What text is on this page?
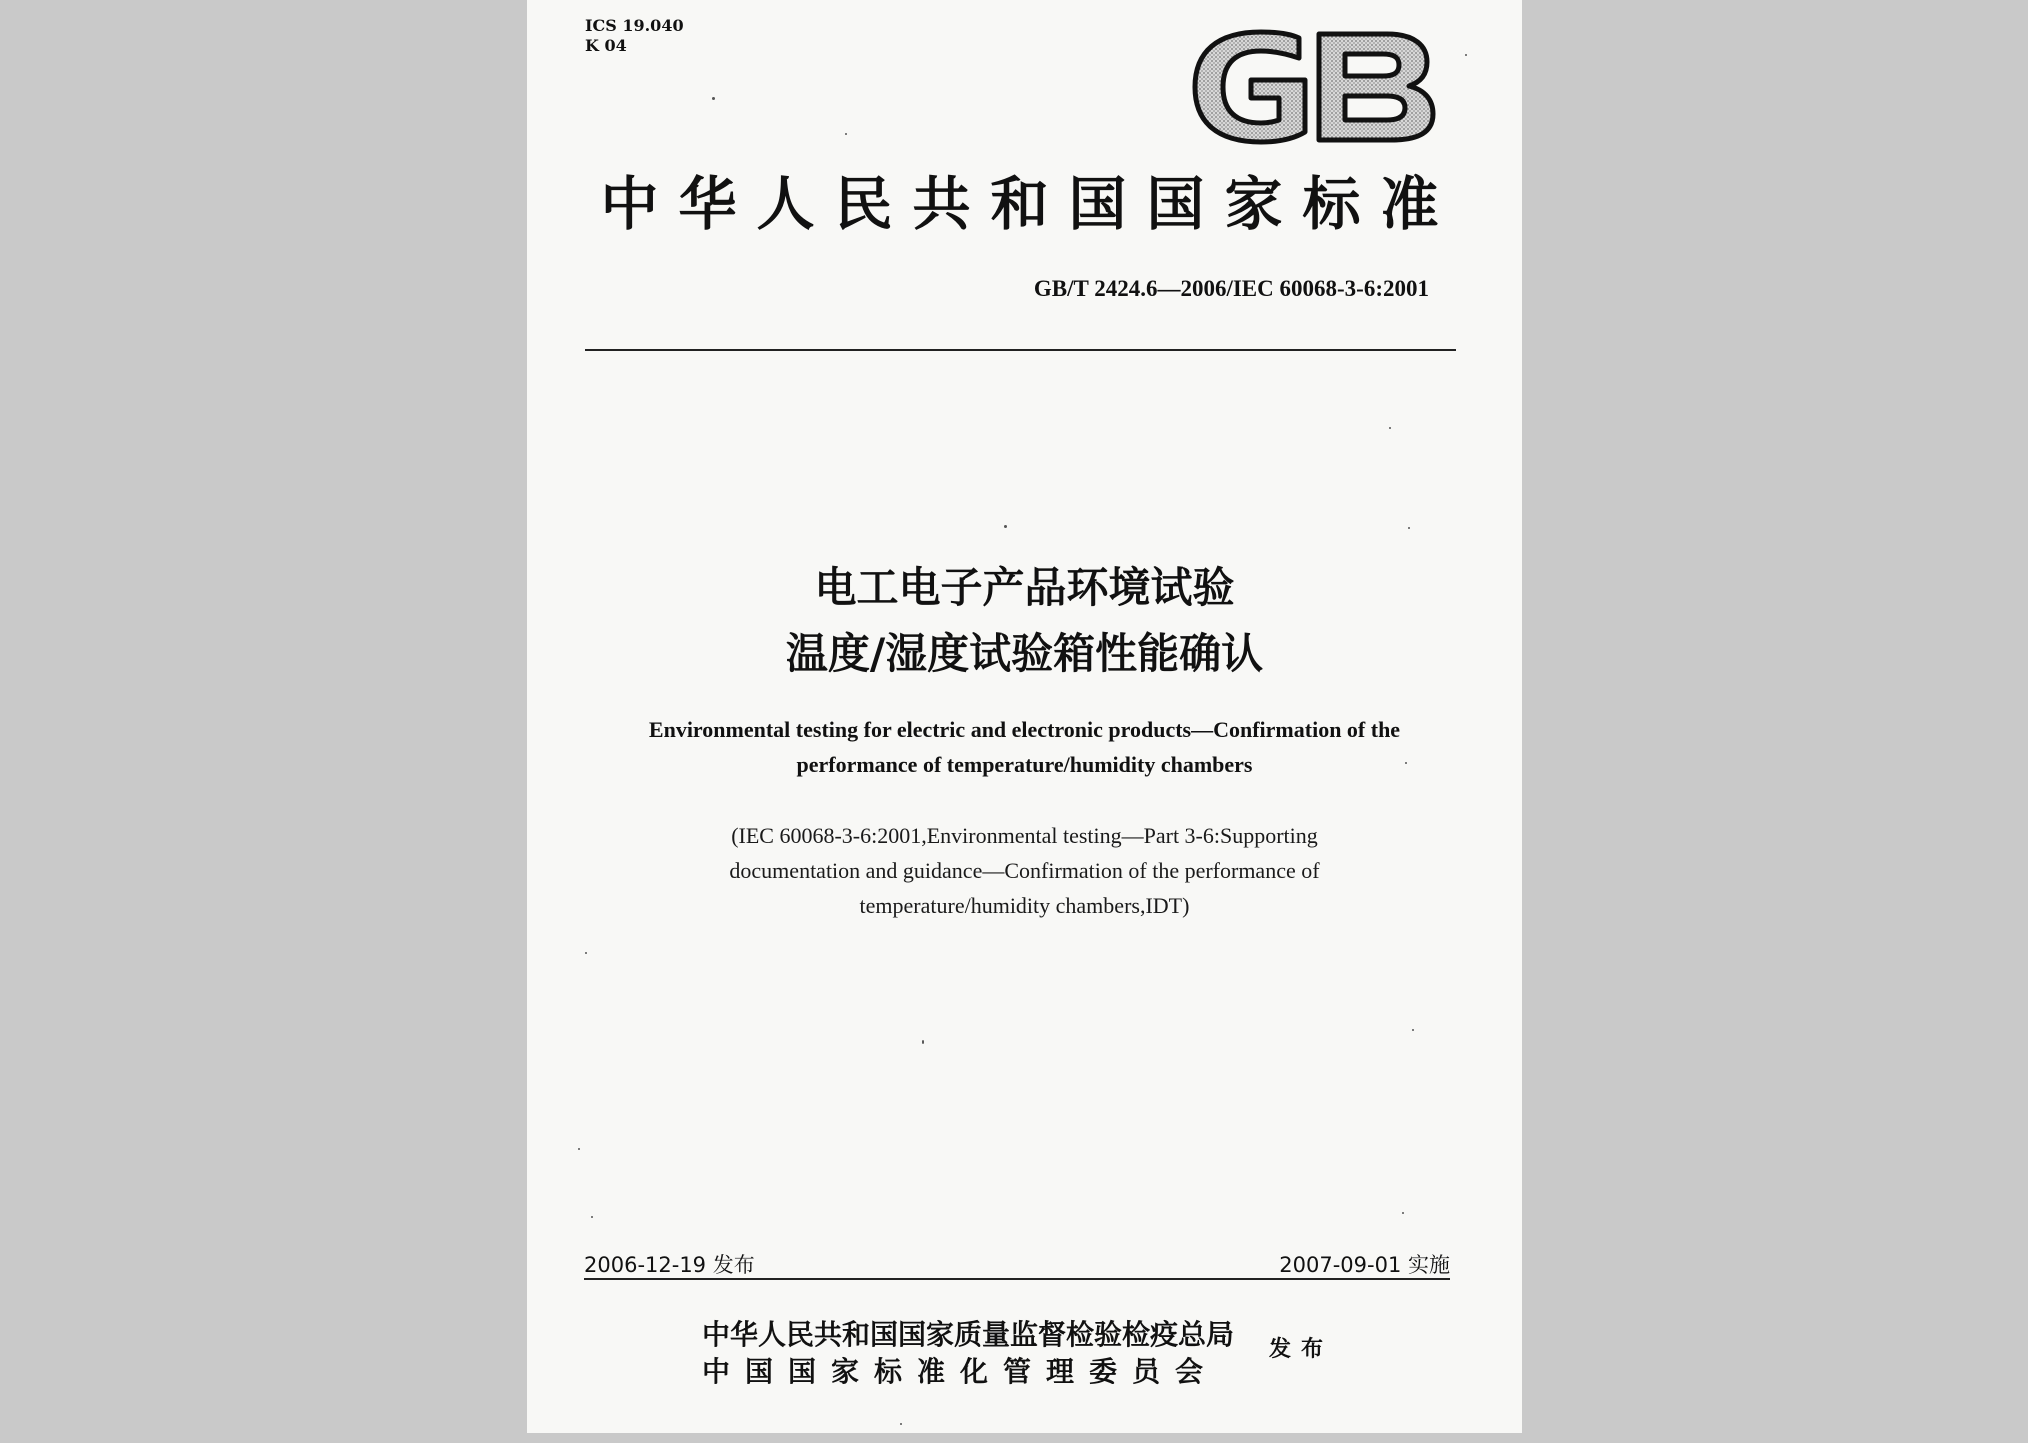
ICS 19.040
K 04
中华人民共和国国家标准
GB/T 2424.6—2006/IEC 60068-3-6:2001
电工电子产品环境试验
温度/湿度试验箱性能确认
Environmental testing for electric and electronic products—Confirmation of the
performance of temperature/humidity chambers
(IEC 60068-3-6:2001,Environmental testing—Part 3-6:Supporting
documentation and guidance—Confirmation of the performance of
temperature/humidity chambers,IDT)
2006-12-19 发布	2007-09-01 实施
中华人民共和国国家质量监督检验检疫总局
中国国家标准化管理委员会
发布
